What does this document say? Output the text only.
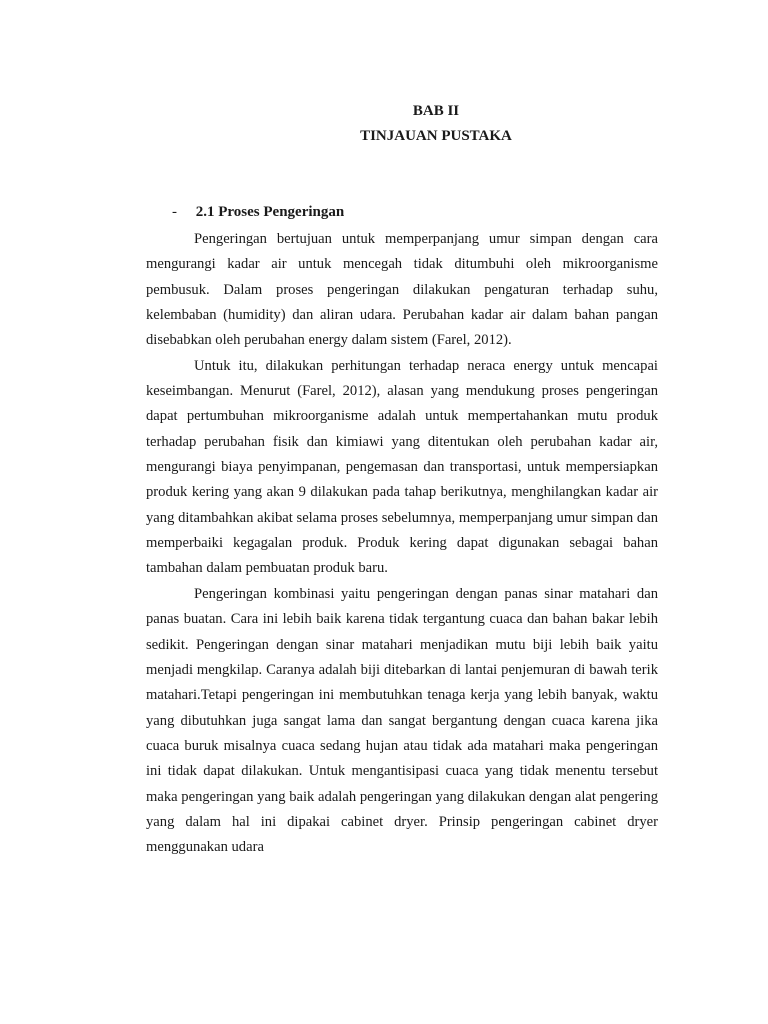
BAB II
TINJAUAN PUSTAKA
- 2.1 Proses Pengeringan

Pengeringan bertujuan untuk memperpanjang umur simpan dengan cara mengurangi kadar air untuk mencegah tidak ditumbuhi oleh mikroorganisme pembusuk. Dalam proses pengeringan dilakukan pengaturan terhadap suhu, kelembaban (humidity) dan aliran udara. Perubahan kadar air dalam bahan pangan disebabkan oleh perubahan energy dalam sistem (Farel, 2012).

Untuk itu, dilakukan perhitungan terhadap neraca energy untuk mencapai keseimbangan. Menurut (Farel, 2012), alasan yang mendukung proses pengeringan dapat pertumbuhan mikroorganisme adalah untuk mempertahankan mutu produk terhadap perubahan fisik dan kimiawi yang ditentukan oleh perubahan kadar air, mengurangi biaya penyimpanan, pengemasan dan transportasi, untuk mempersiapkan produk kering yang akan 9 dilakukan pada tahap berikutnya, menghilangkan kadar air yang ditambahkan akibat selama proses sebelumnya, memperpanjang umur simpan dan memperbaiki kegagalan produk. Produk kering dapat digunakan sebagai bahan tambahan dalam pembuatan produk baru.

Pengeringan kombinasi yaitu pengeringan dengan panas sinar matahari dan panas buatan. Cara ini lebih baik karena tidak tergantung cuaca dan bahan bakar lebih sedikit. Pengeringan dengan sinar matahari menjadikan mutu biji lebih baik yaitu menjadi mengkilap. Caranya adalah biji ditebarkan di lantai penjemuran di bawah terik matahari.Tetapi pengeringan ini membutuhkan tenaga kerja yang lebih banyak, waktu yang dibutuhkan juga sangat lama dan sangat bergantung dengan cuaca karena jika cuaca buruk misalnya cuaca sedang hujan atau tidak ada matahari maka pengeringan ini tidak dapat dilakukan. Untuk mengantisipasi cuaca yang tidak menentu tersebut maka pengeringan yang baik adalah pengeringan yang dilakukan dengan alat pengering yang dalam hal ini dipakai cabinet dryer. Prinsip pengeringan cabinet dryer menggunakan udara
